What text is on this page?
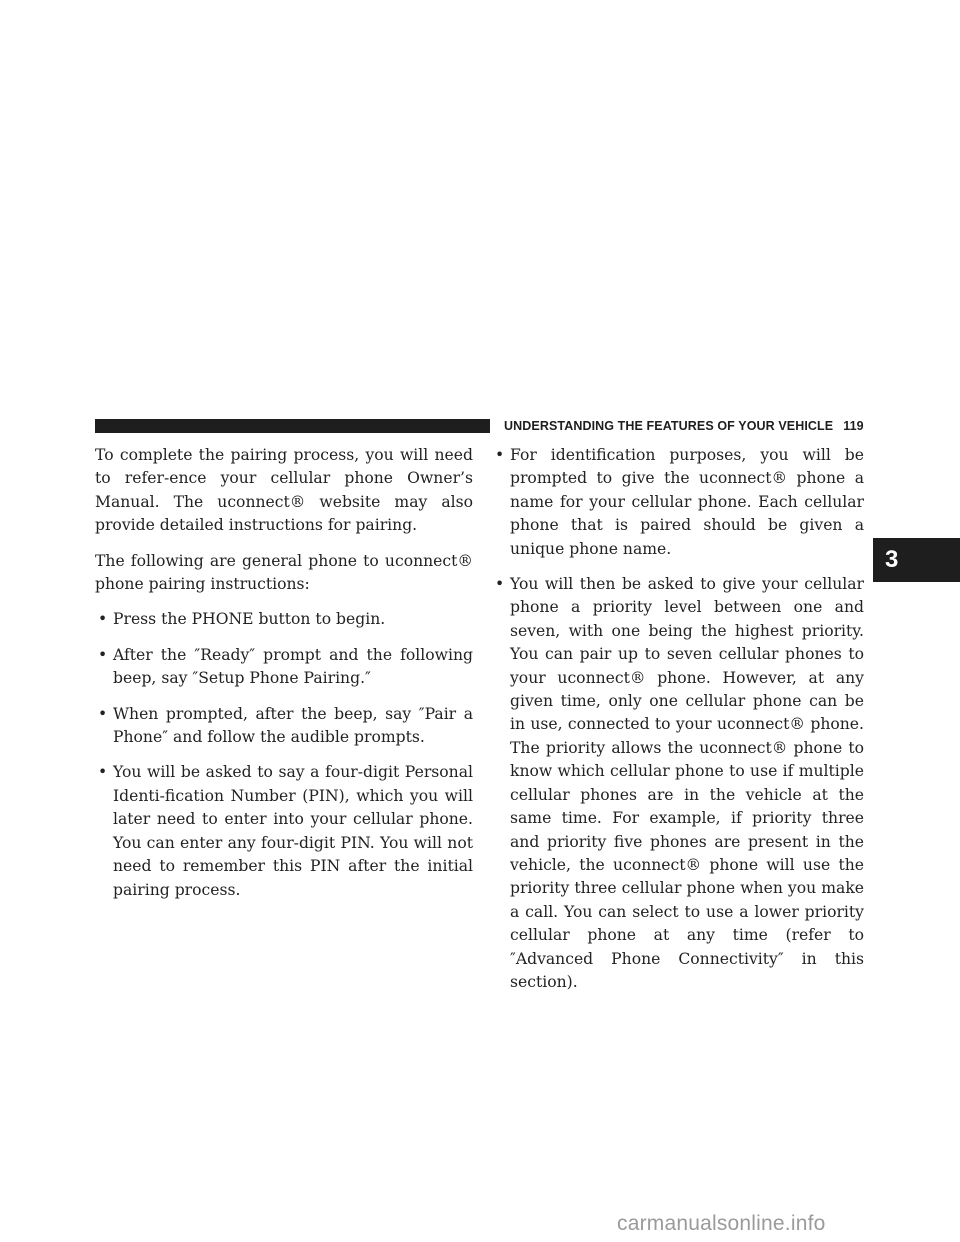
UNDERSTANDING THE FEATURES OF YOUR VEHICLE 119

To complete the pairing process, you will need to refer-ence your cellular phone Owner’s Manual. The uconnect® website may also provide detailed instructions for pairing.

The following are general phone to uconnect® phone pairing instructions:

• Press the PHONE button to begin.
• After the ″Ready″ prompt and the following beep, say ″Setup Phone Pairing.″
• When prompted, after the beep, say ″Pair a Phone″ and follow the audible prompts.
• You will be asked to say a four-digit Personal Identi-fication Number (PIN), which you will later need to enter into your cellular phone. You can enter any four-digit PIN. You will not need to remember this PIN after the initial pairing process.
• For identification purposes, you will be prompted to give the uconnect® phone a name for your cellular phone. Each cellular phone that is paired should be given a unique phone name.
• You will then be asked to give your cellular phone a priority level between one and seven, with one being the highest priority. You can pair up to seven cellular phones to your uconnect® phone. However, at any given time, only one cellular phone can be in use, connected to your uconnect® phone. The priority allows the uconnect® phone to know which cellular phone to use if multiple cellular phones are in the vehicle at the same time. For example, if priority three and priority five phones are present in the vehicle, the uconnect® phone will use the priority three cellular phone when you make a call. You can select to use a lower priority cellular phone at any time (refer to ″Advanced Phone Connectivity″ in this section).
3
carmanualsonline.info
